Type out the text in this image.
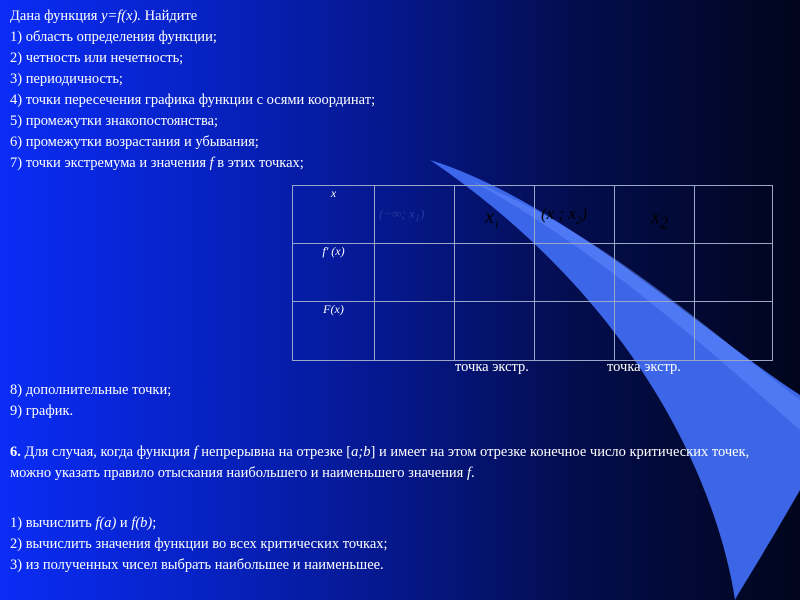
Дана функция y=f(x). Найдите
1) область определения функции;
2) четность или нечетность;
3) периодичность;
4) точки пересечения графика функции с осями координат;
5) промежутки знакопостоянства;
6) промежутки возрастания и убывания;
7) точки экстремума и значения f в этих точках;
x	(−∞; $x_1$)	$x_1$	(x ; $x_2$)	$x_2$

f' (x)					
F(x)					
точка экстр.	точка экстр.
8) дополнительные точки;
9) график.
6. Для случая, когда функция f непрерывна на отрезке [a;b] и имеет на этом отрезке конечное число критических точек, можно указать правило отыскания наибольшего и наименьшего значения f.
1) вычислить f(a) и f(b);
2) вычислить значения функции во всех критических точках;
3) из полученных чисел выбрать наибольшее и наименьшее.
